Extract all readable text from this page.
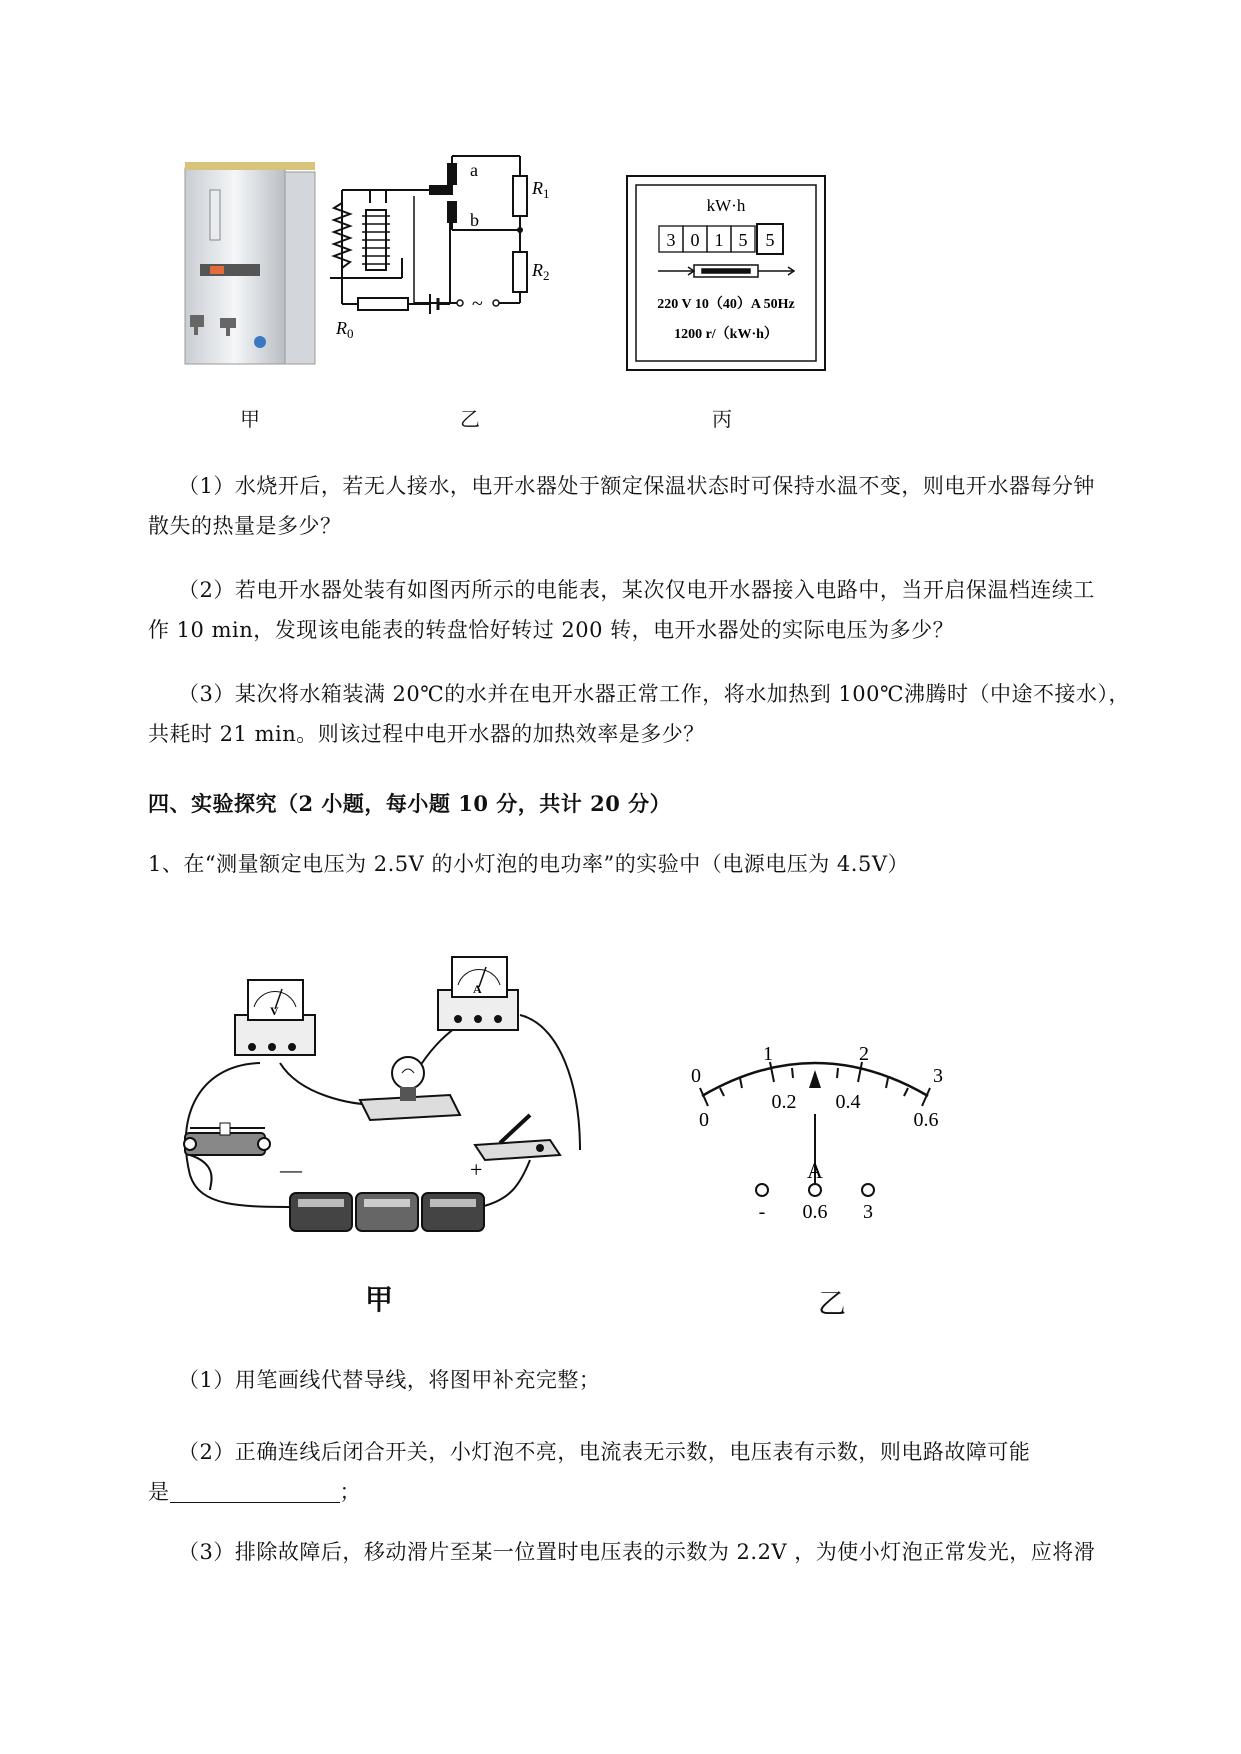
~
a
b
$R_1$
$R_2$
$R_0$
kW·h
3 0 1 5 5
220 V 10（40）A 50Hz
1200 r/（kW·h）
甲	乙	丙
（1）水烧开后，若无人接水，电开水器处于额定保温状态时可保持水温不变，则电开水器每分钟
散失的热量是多少？
（2）若电开水器处装有如图丙所示的电能表，某次仅电开水器接入电路中，当开启保温档连续工
作 10 min，发现该电能表的转盘恰好转过 200 转，电开水器处的实际电压为多少？
（3）某次将水箱装满 20℃的水并在电开水器正常工作，将水加热到 100℃沸腾时（中途不接水），
共耗时 21 min。则该过程中电开水器的加热效率是多少？
四、实验探究（2 小题，每小题 10 分，共计 20 分）
1、在“测量额定电压为 2.5V 的小灯泡的电功率”的实验中（电源电压为 4.5V）
V
A
—	+
1	2
0	3
0
0.2 0.4
0.6
A
- 0.6 3
甲	乙
（1）用笔画线代替导线，将图甲补充完整；
（2）正确连线后闭合开关，小灯泡不亮，电流表无示数，电压表有示数，则电路故障可能
是	；
（3）排除故障后，移动滑片至某一位置时电压表的示数为 2.2V ，为使小灯泡正常发光，应将滑
